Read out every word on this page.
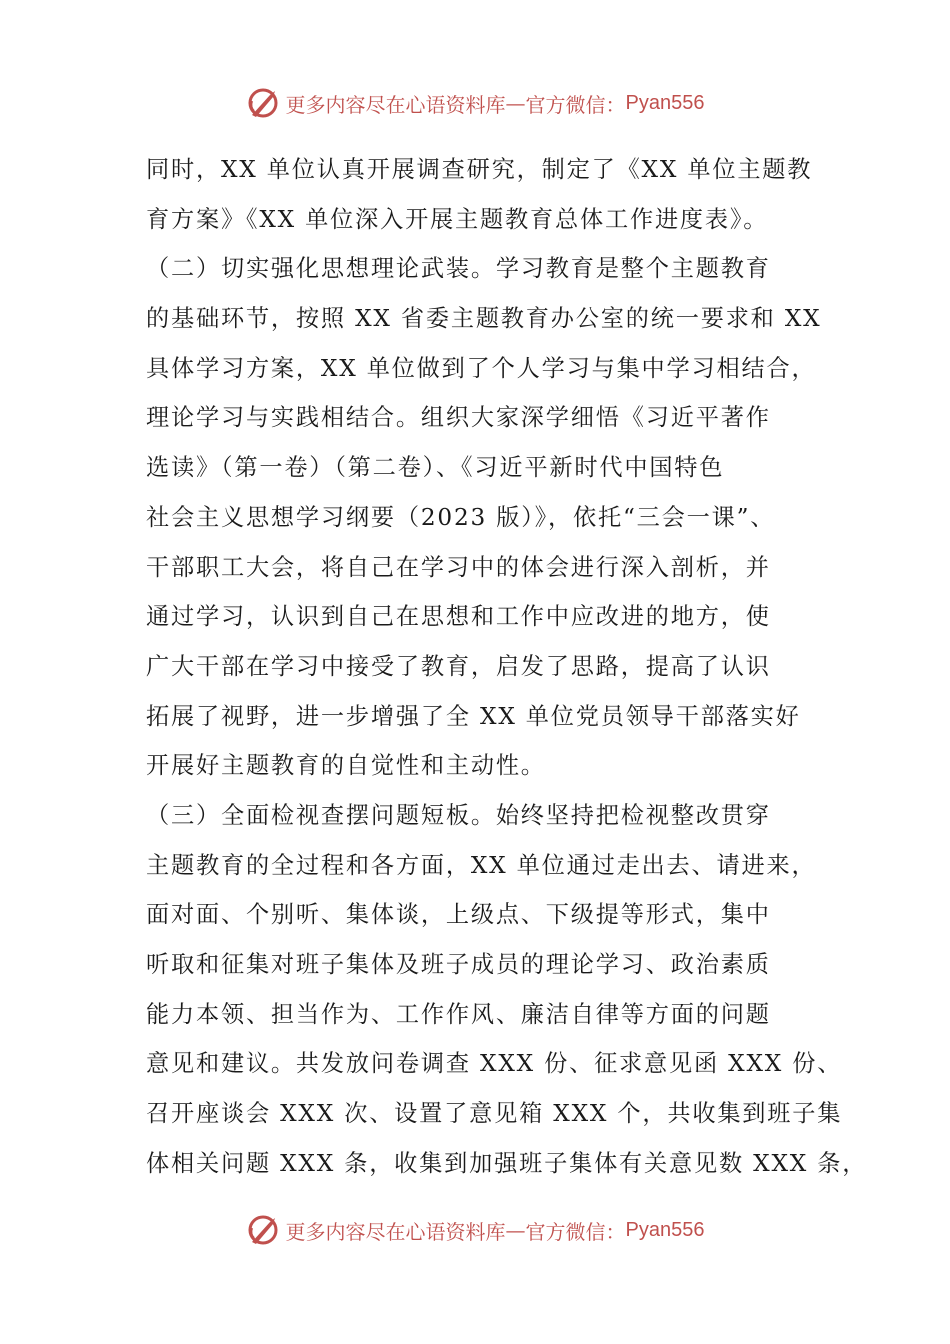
更多内容尽在心语资料库 — 官方微信： Pyan556
同时，XX 单位认真开展调查研究，制定了《XX 单位主题教
育方案》《XX 单位深入开展主题教育总体工作进度表》。
（二）切实强化思想理论武装。学习教育是整个主题教育
的基础环节，按照 XX 省委主题教育办公室的统一要求和 XX
具体学习方案，XX 单位做到了个人学习与集中学习相结合，
理论学习与实践相结合。组织大家深学细悟《习近平著作
选读》（第一卷）（第二卷）、《习近平新时代中国特色
社会主义思想学习纲要（2023 版）》，依托“三会一课”、
干部职工大会，将自己在学习中的体会进行深入剖析，并
通过学习，认识到自己在思想和工作中应改进的地方，使
广大干部在学习中接受了教育，启发了思路，提高了认识
拓展了视野，进一步增强了全 XX 单位党员领导干部落实好
开展好主题教育的自觉性和主动性。
（三）全面检视查摆问题短板。始终坚持把检视整改贯穿
主题教育的全过程和各方面，XX 单位通过走出去、请进来，
面对面、个别听、集体谈，上级点、下级提等形式，集中
听取和征集对班子集体及班子成员的理论学习、政治素质
能力本领、担当作为、工作作风、廉洁自律等方面的问题
意见和建议。共发放问卷调查 XXX 份、征求意见函 XXX 份、
召开座谈会 XXX 次、设置了意见箱 XXX 个，共收集到班子集
体相关问题 XXX 条，收集到加强班子集体有关意见数 XXX 条，
更多内容尽在心语资料库 — 官方微信： Pyan556
